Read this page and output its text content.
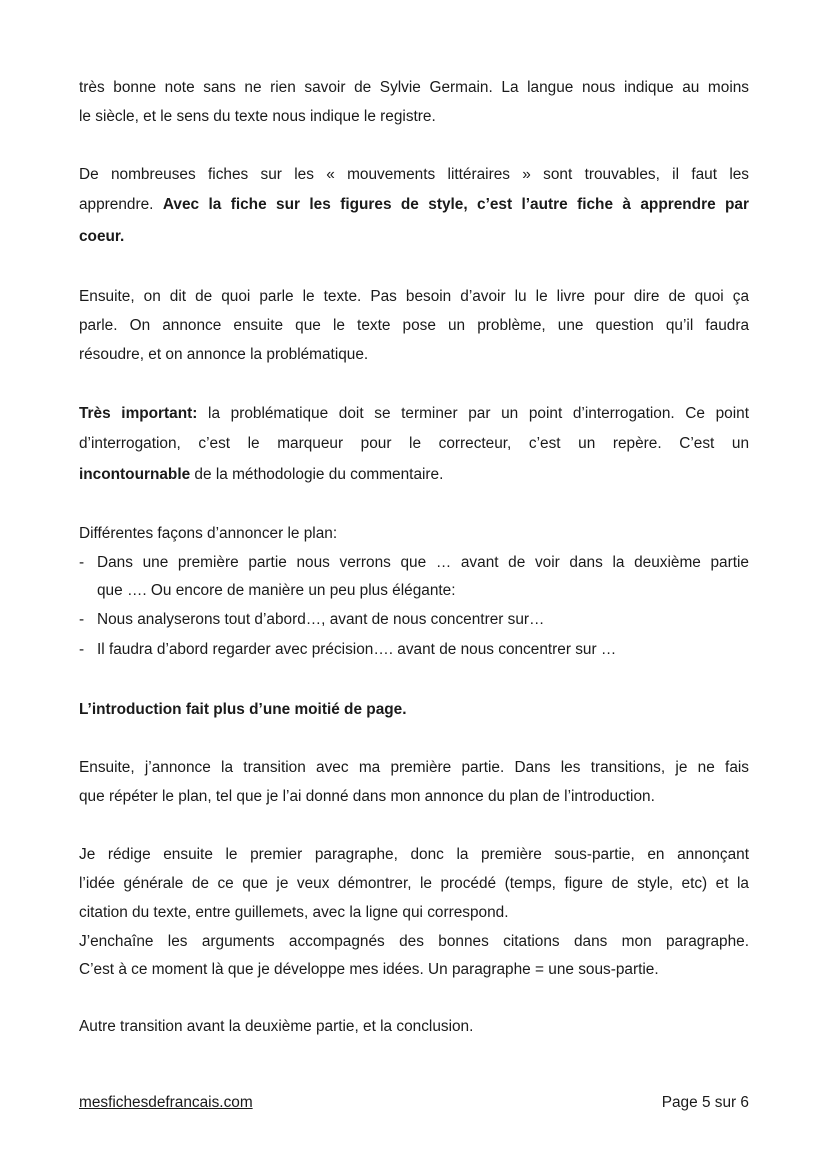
très bonne note sans ne rien savoir de Sylvie Germain. La langue nous indique au moins
le siècle, et le sens du texte nous indique le registre.
De nombreuses fiches sur les « mouvements littéraires » sont trouvables, il faut les
apprendre. Avec la fiche sur les figures de style, c’est l’autre fiche à apprendre par
coeur.
Ensuite, on dit de quoi parle le texte. Pas besoin d’avoir lu le livre pour dire de quoi ça
parle. On annonce ensuite que le texte pose un problème, une question qu’il faudra
résoudre, et on annonce la problématique.
Très important: la problématique doit se terminer par un point d’interrogation. Ce point
d’interrogation, c’est le marqueur pour le correcteur, c’est un repère. C’est un
incontournable de la méthodologie du commentaire.
Différentes façons d’annoncer le plan:
- Dans une première partie nous verrons que … avant de voir dans la deuxième partie
que …. Ou encore de manière un peu plus élégante:
- Nous analyserons tout d’abord…, avant de nous concentrer sur…
- Il faudra d’abord regarder avec précision…. avant de nous concentrer sur …
L’introduction fait plus d’une moitié de page.
Ensuite, j’annonce la transition avec ma première partie. Dans les transitions, je ne fais
que répéter le plan, tel que je l’ai donné dans mon annonce du plan de l’introduction.
Je rédige ensuite le premier paragraphe, donc la première sous-partie, en annonçant
l’idée générale de ce que je veux démontrer, le procédé (temps, figure de style, etc) et la
citation du texte, entre guillemets, avec la ligne qui correspond.
J’enchaîne les arguments accompagnés des bonnes citations dans mon paragraphe.
C’est à ce moment là que je développe mes idées. Un paragraphe = une sous-partie.
Autre transition avant la deuxième partie, et la conclusion.
mesfichesdefrancais.com	Page 5 sur 6
